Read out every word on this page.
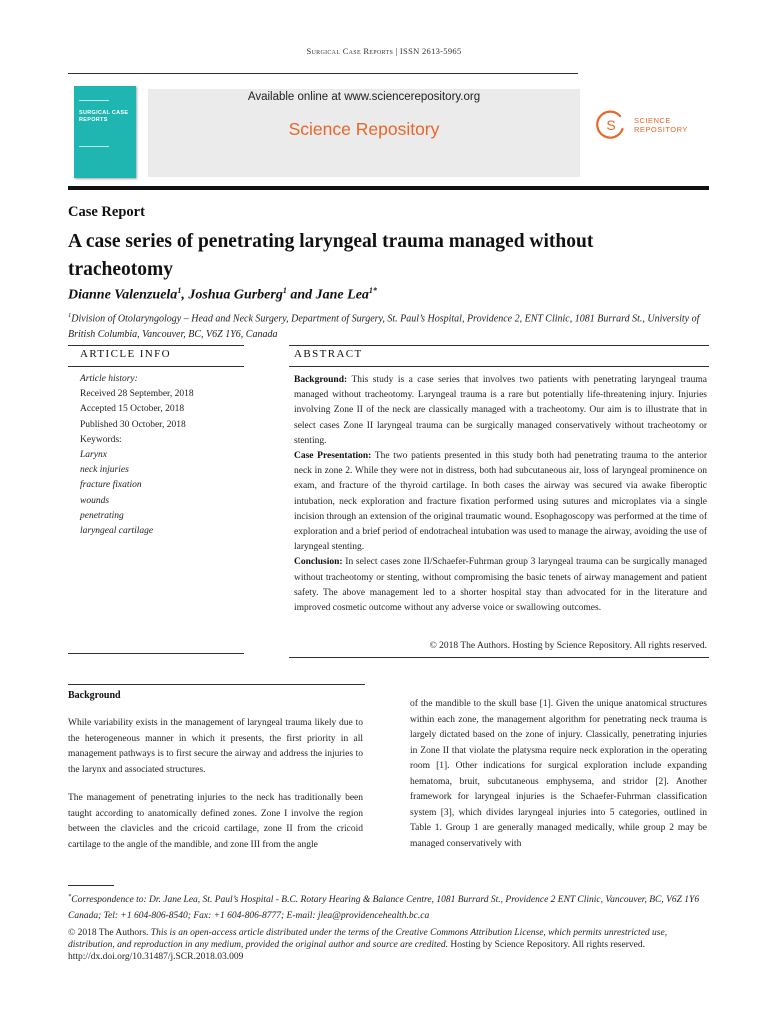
Surgical Case Reports | ISSN 2613-5965
SURGICAL CASE REPORTS
Available online at www.sciencerepository.org
Science Repository	S SCIENCE
REPOSITORY
Case Report
A case series of penetrating laryngeal trauma managed without tracheotomy
Dianne Valenzuela$^1$, Joshua Gurberg$^1$ and Jane Lea$^{1*}$
$^1$Division of Otolaryngology – Head and Neck Surgery, Department of Surgery, St. Paul’s Hospital, Providence 2, ENT Clinic, 1081 Burrard St., University of British Columbia, Vancouver, BC, V6Z 1Y6, Canada
ARTICLE INFO	ABSTRACT
Article history:
Received 28 September, 2018
Accepted 15 October, 2018
Published 30 October, 2018
Keywords:
Larynx
neck injuries
fracture fixation
wounds
penetrating
laryngeal cartilage

Background: This study is a case series that involves two patients with penetrating laryngeal trauma managed without tracheotomy. Laryngeal trauma is a rare but potentially life-threatening injury. Injuries involving Zone II of the neck are classically managed with a tracheotomy. Our aim is to illustrate that in select cases Zone II laryngeal trauma can be surgically managed conservatively without tracheotomy or stenting.

Case Presentation: The two patients presented in this study both had penetrating trauma to the anterior neck in zone 2. While they were not in distress, both had subcutaneous air, loss of laryngeal prominence on exam, and fracture of the thyroid cartilage. In both cases the airway was secured via awake fiberoptic intubation, neck exploration and fracture fixation performed using sutures and microplates via a single incision through an extension of the original traumatic wound. Esophagoscopy was performed at the time of exploration and a brief period of endotracheal intubation was used to manage the airway, avoiding the use of laryngeal stenting.

Conclusion: In select cases zone II/Schaefer-Fuhrman group 3 laryngeal trauma can be surgically managed without tracheotomy or stenting, without compromising the basic tenets of airway management and patient safety. The above management led to a shorter hospital stay than advocated for in the literature and improved cosmetic outcome without any adverse voice or swallowing outcomes.

© 2018 The Authors. Hosting by Science Repository. All rights reserved.
Background

While variability exists in the management of laryngeal trauma likely due to the heterogeneous manner in which it presents, the first priority in all management pathways is to first secure the airway and address the injuries to the larynx and associated structures.

The management of penetrating injuries to the neck has traditionally been taught according to anatomically defined zones. Zone I involve the region between the clavicles and the cricoid cartilage, zone II from the cricoid cartilage to the angle of the mandible, and zone III from the angle

of the mandible to the skull base [1]. Given the unique anatomical structures within each zone, the management algorithm for penetrating neck trauma is largely dictated based on the zone of injury. Classically, penetrating injuries in Zone II that violate the platysma require neck exploration in the operating room [1]. Other indications for surgical exploration include expanding hematoma, bruit, subcutaneous emphysema, and stridor [2]. Another framework for laryngeal injuries is the Schaefer-Fuhrman classification system [3], which divides laryngeal injuries into 5 categories, outlined in Table 1. Group 1 are generally managed medically, while group 2 may be managed conservatively with
*Correspondence to: Dr. Jane Lea, St. Paul’s Hospital - B.C. Rotary Hearing & Balance Centre, 1081 Burrard St., Providence 2 ENT Clinic, Vancouver, BC, V6Z 1Y6 Canada; Tel: +1 604-806-8540; Fax: +1 604-806-8777; E-mail: jlea@providencehealth.bc.ca
© 2018 The Authors. This is an open-access article distributed under the terms of the Creative Commons Attribution License, which permits unrestricted use, distribution, and reproduction in any medium, provided the original author and source are credited. Hosting by Science Repository. All rights reserved.
http://dx.doi.org/10.31487/j.SCR.2018.03.009
